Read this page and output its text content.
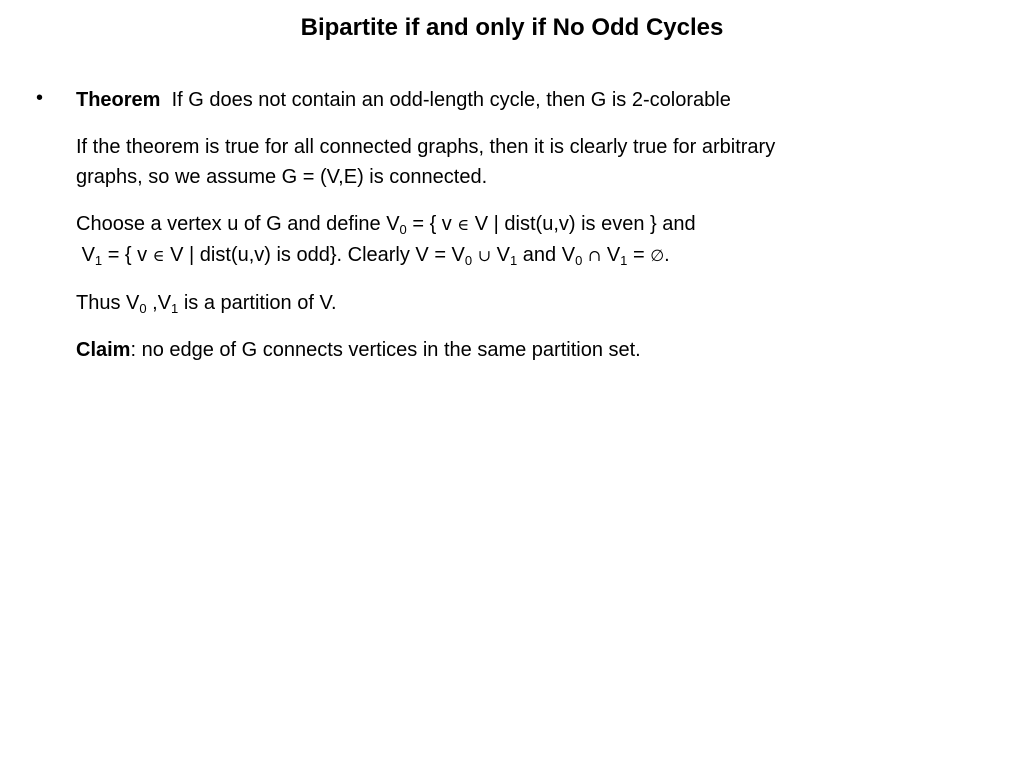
Bipartite if and only if No Odd Cycles
• Theorem If G does not contain an odd-length cycle, then G is 2-colorable

If the theorem is true for all connected graphs, then it is clearly true for arbitrary
graphs, so we assume G = (V,E) is connected.

Choose a vertex u of G and define $V_0$ = { v ∈ V | dist(u,v) is even } and
$V_1$ = { v ∈ V | dist(u,v) is odd}. Clearly $V = V_0$ ∪ $V_1$ and $V_0$ ∩ $V_1$ = ∅.

Thus $V_0$ $,V_1$ is a partition of V.

Claim: no edge of G connects vertices in the same partition set.
